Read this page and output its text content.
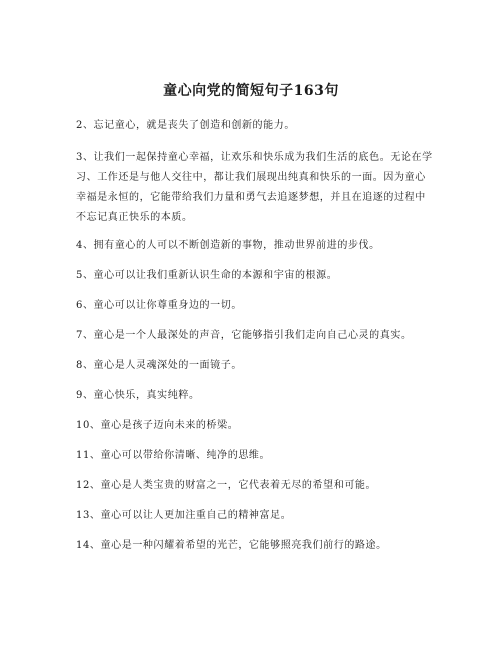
童心向党的简短句子163句

2、忘记童心，就是丧失了创造和创新的能力。

3、让我们一起保持童心幸福，让欢乐和快乐成为我们生活的底色。无论在学习、工作还是与他人交往中，都让我们展现出纯真和快乐的一面。因为童心幸福是永恒的，它能带给我们力量和勇气去追逐梦想，并且在追逐的过程中不忘记真正快乐的本质。

4、拥有童心的人可以不断创造新的事物，推动世界前进的步伐。

5、童心可以让我们重新认识生命的本源和宇宙的根源。

6、童心可以让你尊重身边的一切。

7、童心是一个人最深处的声音，它能够指引我们走向自己心灵的真实。

8、童心是人灵魂深处的一面镜子。

9、童心快乐，真实纯粹。

10、童心是孩子迈向未来的桥梁。

11、童心可以带给你清晰、纯净的思维。

12、童心是人类宝贵的财富之一，它代表着无尽的希望和可能。

13、童心可以让人更加注重自己的精神富足。

14、童心是一种闪耀着希望的光芒，它能够照亮我们前行的路途。
